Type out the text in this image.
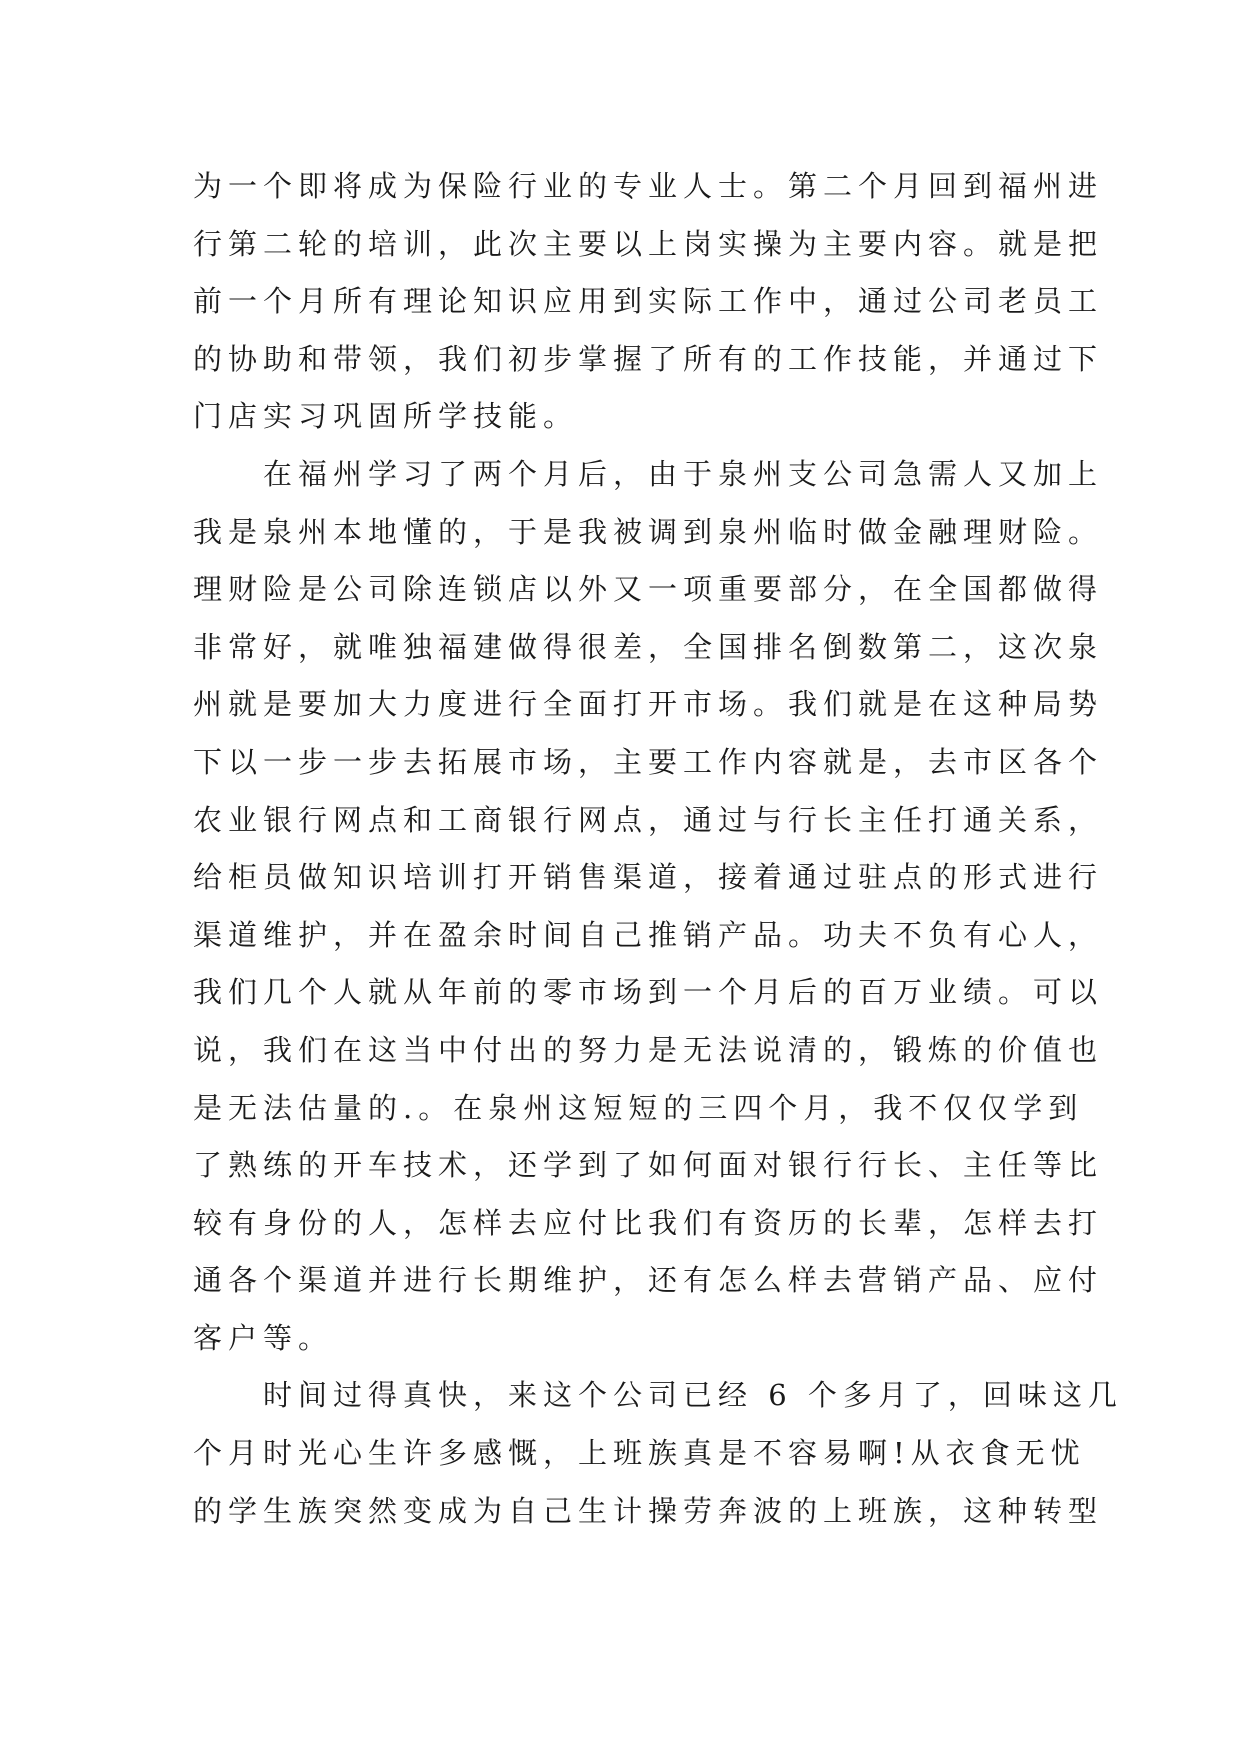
为一个即将成为保险行业的专业人士。第二个月回到福州进
行第二轮的培训，此次主要以上岗实操为主要内容。就是把
前一个月所有理论知识应用到实际工作中，通过公司老员工
的协助和带领，我们初步掌握了所有的工作技能，并通过下
门店实习巩固所学技能。
在福州学习了两个月后，由于泉州支公司急需人又加上
我是泉州本地懂的，于是我被调到泉州临时做金融理财险。
理财险是公司除连锁店以外又一项重要部分，在全国都做得
非常好，就唯独福建做得很差，全国排名倒数第二，这次泉
州就是要加大力度进行全面打开市场。我们就是在这种局势
下以一步一步去拓展市场，主要工作内容就是，去市区各个
农业银行网点和工商银行网点，通过与行长主任打通关系，
给柜员做知识培训打开销售渠道，接着通过驻点的形式进行
渠道维护，并在盈余时间自己推销产品。功夫不负有心人，
我们几个人就从年前的零市场到一个月后的百万业绩。可以
说，我们在这当中付出的努力是无法说清的，锻炼的价值也
是无法估量的.。在泉州这短短的三四个月，我不仅仅学到
了熟练的开车技术，还学到了如何面对银行行长、主任等比
较有身份的人，怎样去应付比我们有资历的长辈，怎样去打
通各个渠道并进行长期维护，还有怎么样去营销产品、应付
客户等。
时间过得真快，来这个公司已经 6 个多月了，回味这几
个月时光心生许多感慨，上班族真是不容易啊!从衣食无忧
的学生族突然变成为自己生计操劳奔波的上班族，这种转型
